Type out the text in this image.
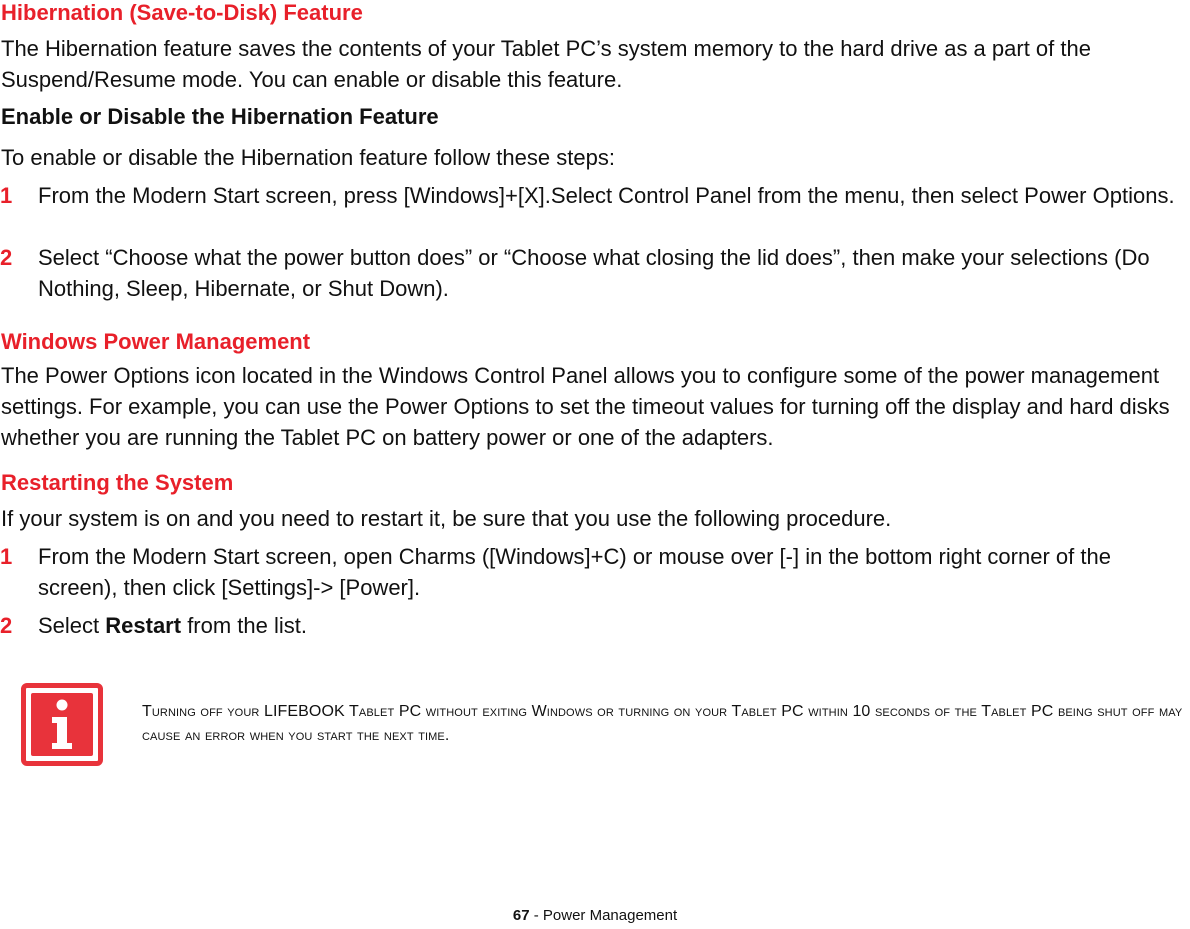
Hibernation (Save-to-Disk) Feature

The Hibernation feature saves the contents of your Tablet PC’s system memory to the hard drive as a part of the Suspend/Resume mode. You can enable or disable this feature.

Enable or Disable the Hibernation Feature

To enable or disable the Hibernation feature follow these steps:

1	From the Modern Start screen, press [Windows]+[X].Select Control Panel from the menu, then select Power Options.
2	Select “Choose what the power button does” or “Choose what closing the lid does”, then make your selections (Do Nothing, Sleep, Hibernate, or Shut Down).
Windows Power Management

The Power Options icon located in the Windows Control Panel allows you to configure some of the power management settings. For example, you can use the Power Options to set the timeout values for turning off the display and hard disks whether you are running the Tablet PC on battery power or one of the adapters.

Restarting the System

If your system is on and you need to restart it, be sure that you use the following procedure.

1	From the Modern Start screen, open Charms ([Windows]+C) or mouse over [-] in the bottom right corner of the screen), then click [Settings]-> [Power].
2	Select Restart from the list.
Turning off your LIFEBOOK Tablet PC without exiting Windows or turning on your Tablet PC within 10 seconds of the Tablet PC being shut off may cause an error when you start the next time.
67 - Power Management
